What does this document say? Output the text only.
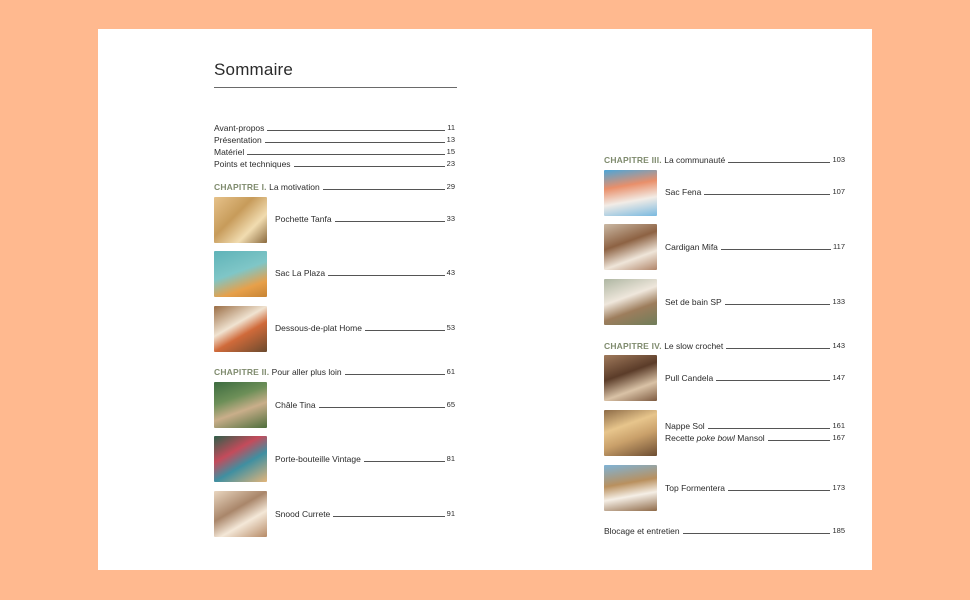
Sommaire
Avant-propos	11
Présentation	13
Matériel	15
Points et techniques	23
CHAPITRE I. La motivation	29
Pochette Tanfa	33
Sac La Plaza	43
Dessous-de-plat Home	53
CHAPITRE II. Pour aller plus loin	61
Châle Tina	65
Porte-bouteille Vintage	81
Snood Currete	91
CHAPITRE III. La communauté	103
Sac Fena	107
Cardigan Mifa	117
Set de bain SP	133
CHAPITRE IV. Le slow crochet	143
Pull Candela	147
Nappe Sol	161
Recette poke bowl Mansol	167
Top Formentera	173
Blocage et entretien	185
